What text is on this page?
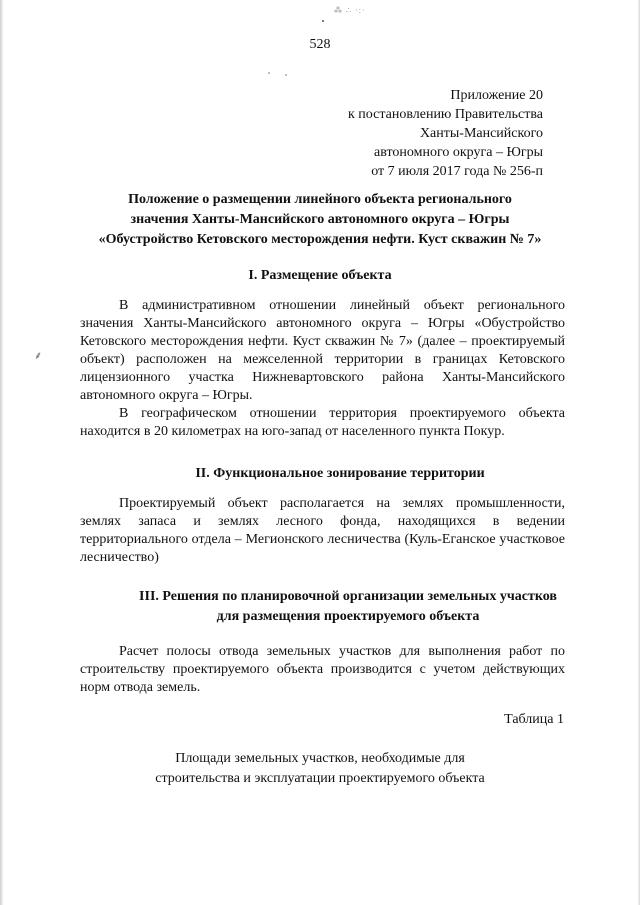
⁂ ∴ ·:·
⸙
528
Приложение 20
к постановлению Правительства
Ханты-Мансийского
автономного округа – Югры
от 7 июля 2017 года № 256-п
Положение о размещении линейного объекта регионального
значения Ханты-Мансийского автономного округа – Югры
«Обустройство Кетовского месторождения нефти. Куст скважин № 7»
I. Размещение объекта
В административном отношении линейный объект регионального значения Ханты-Мансийского автономного округа – Югры «Обустройство Кетовского месторождения нефти. Куст скважин № 7» (далее – проектируемый объект) расположен на межселенной территории в границах Кетовского лицензионного участка Нижневартовского района Ханты-Мансийского автономного округа – Югры.
В географическом отношении территория проектируемого объекта находится в 20 километрах на юго-запад от населенного пункта Покур.
II. Функциональное зонирование территории
Проектируемый объект располагается на землях промышленности, землях запаса и землях лесного фонда, находящихся в ведении территориального отдела – Мегионского лесничества (Куль-Еганское участковое лесничество)
III. Решения по планировочной организации земельных участков
для размещения проектируемого объекта
Расчет полосы отвода земельных участков для выполнения работ по строительству проектируемого объекта производится с учетом действующих норм отвода земель.
Таблица 1
Площади земельных участков, необходимые для
строительства и эксплуатации проектируемого объекта
